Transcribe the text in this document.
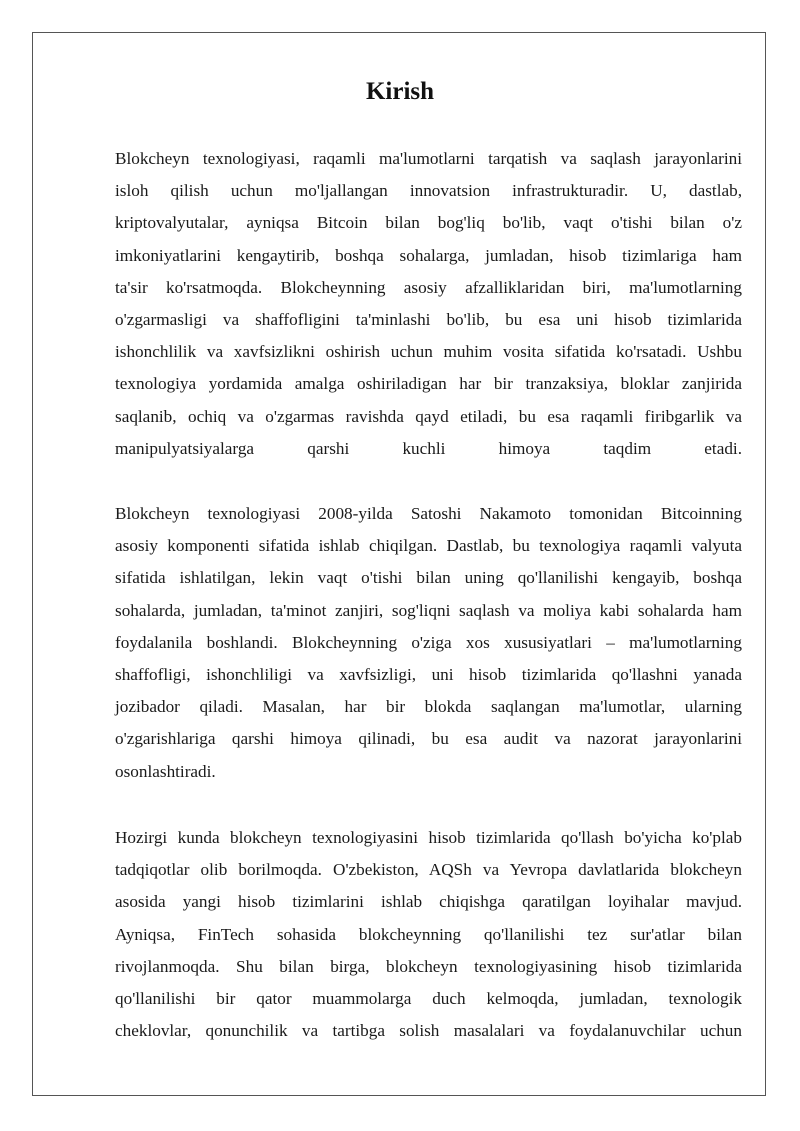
Kirish
Blokcheyn texnologiyasi, raqamli ma'lumotlarni tarqatish va saqlash jarayonlarini
isloh qilish uchun mo'ljallangan innovatsion infrastrukturadir. U, dastlab,
kriptovalyutalar, ayniqsa Bitcoin bilan bog'liq bo'lib, vaqt o'tishi bilan o'z
imkoniyatlarini kengaytirib, boshqa sohalarga, jumladan, hisob tizimlariga ham
ta'sir ko'rsatmoqda. Blokcheynning asosiy afzalliklaridan biri, ma'lumotlarning
o'zgarmasligi va shaffofligini ta'minlashi bo'lib, bu esa uni hisob tizimlarida
ishonchlilik va xavfsizlikni oshirish uchun muhim vosita sifatida ko'rsatadi. Ushbu
texnologiya yordamida amalga oshiriladigan har bir tranzaksiya, bloklar zanjirida
saqlanib, ochiq va o'zgarmas ravishda qayd etiladi, bu esa raqamli firibgarlik va
manipulyatsiyalarga qarshi kuchli himoya taqdim etadi.
Blokcheyn texnologiyasi 2008-yilda Satoshi Nakamoto tomonidan Bitcoinning
asosiy komponenti sifatida ishlab chiqilgan. Dastlab, bu texnologiya raqamli valyuta
sifatida ishlatilgan, lekin vaqt o'tishi bilan uning qo'llanilishi kengayib, boshqa
sohalarda, jumladan, ta'minot zanjiri, sog'liqni saqlash va moliya kabi sohalarda ham
foydalanila boshlandi. Blokcheynning o'ziga xos xususiyatlari – ma'lumotlarning
shaffofligi, ishonchliligi va xavfsizligi, uni hisob tizimlarida qo'llashni yanada
jozibador qiladi. Masalan, har bir blokda saqlangan ma'lumotlar, ularning
o'zgarishlariga qarshi himoya qilinadi, bu esa audit va nazorat jarayonlarini
osonlashtiradi.
Hozirgi kunda blokcheyn texnologiyasini hisob tizimlarida qo'llash bo'yicha ko'plab
tadqiqotlar olib borilmoqda. O'zbekiston, AQSh va Yevropa davlatlarida blokcheyn
asosida yangi hisob tizimlarini ishlab chiqishga qaratilgan loyihalar mavjud.
Ayniqsa, FinTech sohasida blokcheynning qo'llanilishi tez sur'atlar bilan
rivojlanmoqda. Shu bilan birga, blokcheyn texnologiyasining hisob tizimlarida
qo'llanilishi bir qator muammolarga duch kelmoqda, jumladan, texnologik
cheklovlar, qonunchilik va tartibga solish masalalari va foydalanuvchilar uchun
